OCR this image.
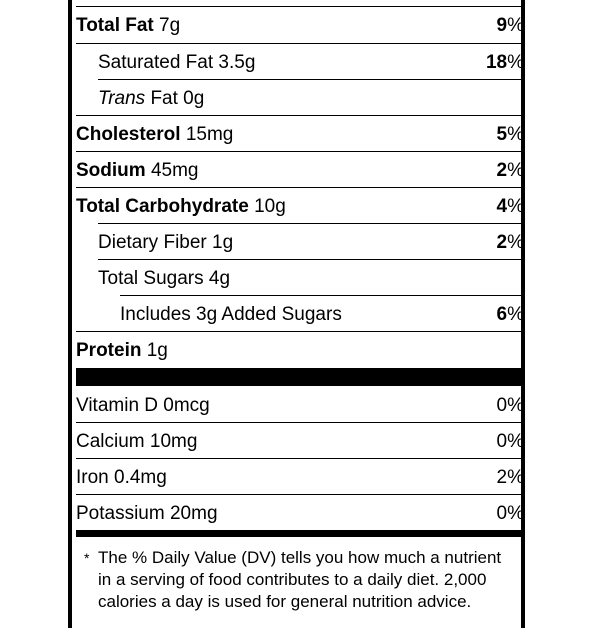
Total Fat 7g	9%
Saturated Fat 3.5g	18%
Trans Fat 0g
Cholesterol 15mg	5%
Sodium 45mg	2%
Total Carbohydrate 10g	4%
Dietary Fiber 1g	2%
Total Sugars 4g
Includes 3g Added Sugars	6%
Protein 1g
Vitamin D 0mcg	0%
Calcium 10mg	0%
Iron 0.4mg	2%
Potassium 20mg	0%
* The % Daily Value (DV) tells you how much a nutrient in a serving of food contributes to a daily diet. 2,000 calories a day is used for general nutrition advice.
